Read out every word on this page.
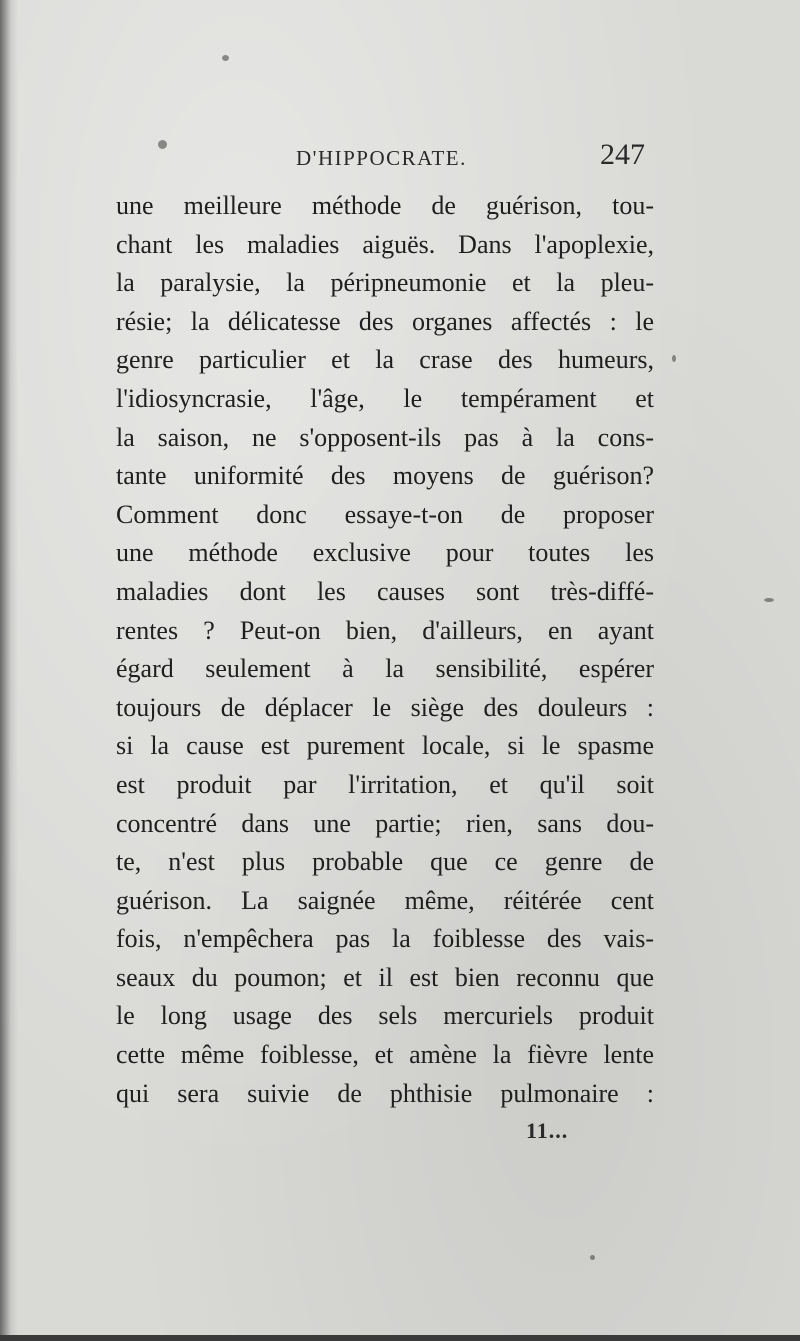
D'HIPPOCRATE.	247
une meilleure méthode de guérison, tou-
chant les maladies aiguës. Dans l'apoplexie,
la paralysie, la péripneumonie et la pleu-
résie; la délicatesse des organes affectés : le
genre particulier et la crase des humeurs,
l'idiosyncrasie, l'âge, le tempérament et
la saison, ne s'opposent-ils pas à la cons-
tante uniformité des moyens de guérison?
Comment donc essaye-t-on de proposer
une méthode exclusive pour toutes les
maladies dont les causes sont très-diffé-
rentes ? Peut-on bien, d'ailleurs, en ayant
égard seulement à la sensibilité, espérer
toujours de déplacer le siège des douleurs :
si la cause est purement locale, si le spasme
est produit par l'irritation, et qu'il soit
concentré dans une partie; rien, sans dou-
te, n'est plus probable que ce genre de
guérison. La saignée même, réitérée cent
fois, n'empêchera pas la foiblesse des vais-
seaux du poumon; et il est bien reconnu que
le long usage des sels mercuriels produit
cette même foiblesse, et amène la fièvre lente
qui sera suivie de phthisie pulmonaire :
11...
